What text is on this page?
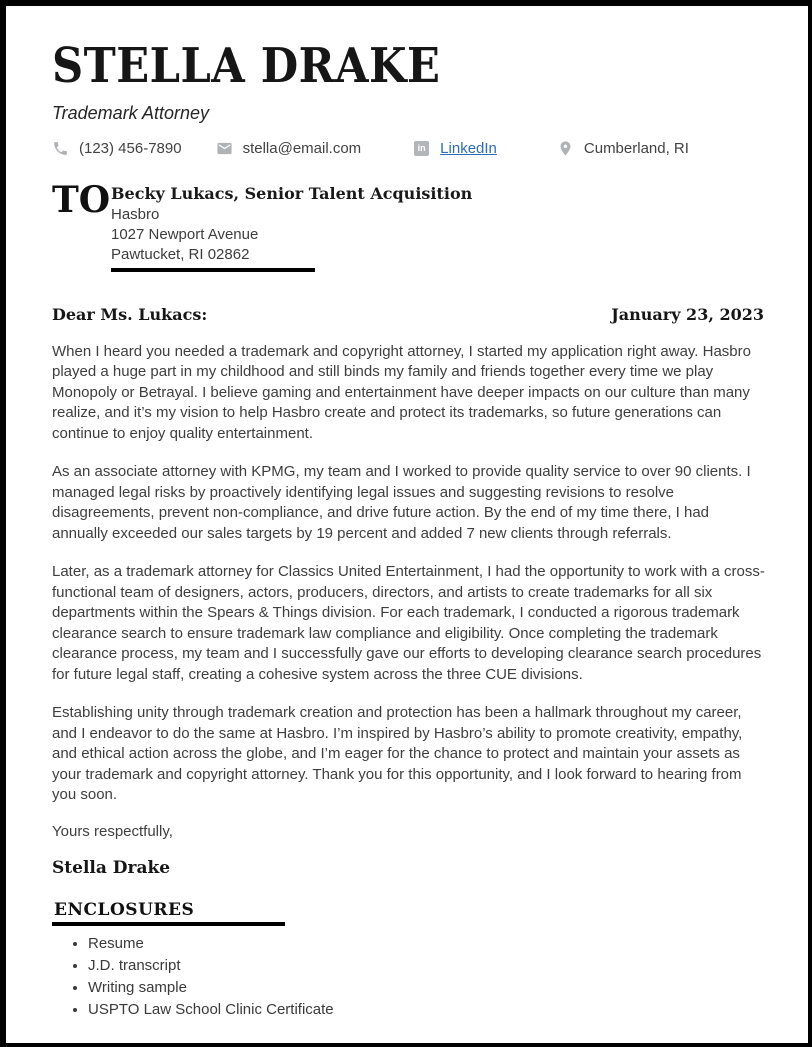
STELLA DRAKE
Trademark Attorney
(123) 456-7890	stella@email.com	in LinkedIn	Cumberland, RI
TO Becky Lukacs, Senior Talent Acquisition
Hasbro
1027 Newport Avenue
Pawtucket, RI 02862
Dear Ms. Lukacs:	January 23, 2023

When I heard you needed a trademark and copyright attorney, I started my application right away. Hasbro played a huge part in my childhood and still binds my family and friends together every time we play Monopoly or Betrayal. I believe gaming and entertainment have deeper impacts on our culture than many realize, and it’s my vision to help Hasbro create and protect its trademarks, so future generations can continue to enjoy quality entertainment.

As an associate attorney with KPMG, my team and I worked to provide quality service to over 90 clients. I managed legal risks by proactively identifying legal issues and suggesting revisions to resolve disagreements, prevent non-compliance, and drive future action. By the end of my time there, I had annually exceeded our sales targets by 19 percent and added 7 new clients through referrals.

Later, as a trademark attorney for Classics United Entertainment, I had the opportunity to work with a cross-functional team of designers, actors, producers, directors, and artists to create trademarks for all six departments within the Spears & Things division. For each trademark, I conducted a rigorous trademark clearance search to ensure trademark law compliance and eligibility. Once completing the trademark clearance process, my team and I successfully gave our efforts to developing clearance search procedures for future legal staff, creating a cohesive system across the three CUE divisions.

Establishing unity through trademark creation and protection has been a hallmark throughout my career, and I endeavor to do the same at Hasbro. I’m inspired by Hasbro’s ability to promote creativity, empathy, and ethical action across the globe, and I’m eager for the chance to protect and maintain your assets as your trademark and copyright attorney. Thank you for this opportunity, and I look forward to hearing from you soon.

Yours respectfully,
Stella Drake
ENCLOSURES
• Resume
• J.D. transcript
• Writing sample
• USPTO Law School Clinic Certificate
